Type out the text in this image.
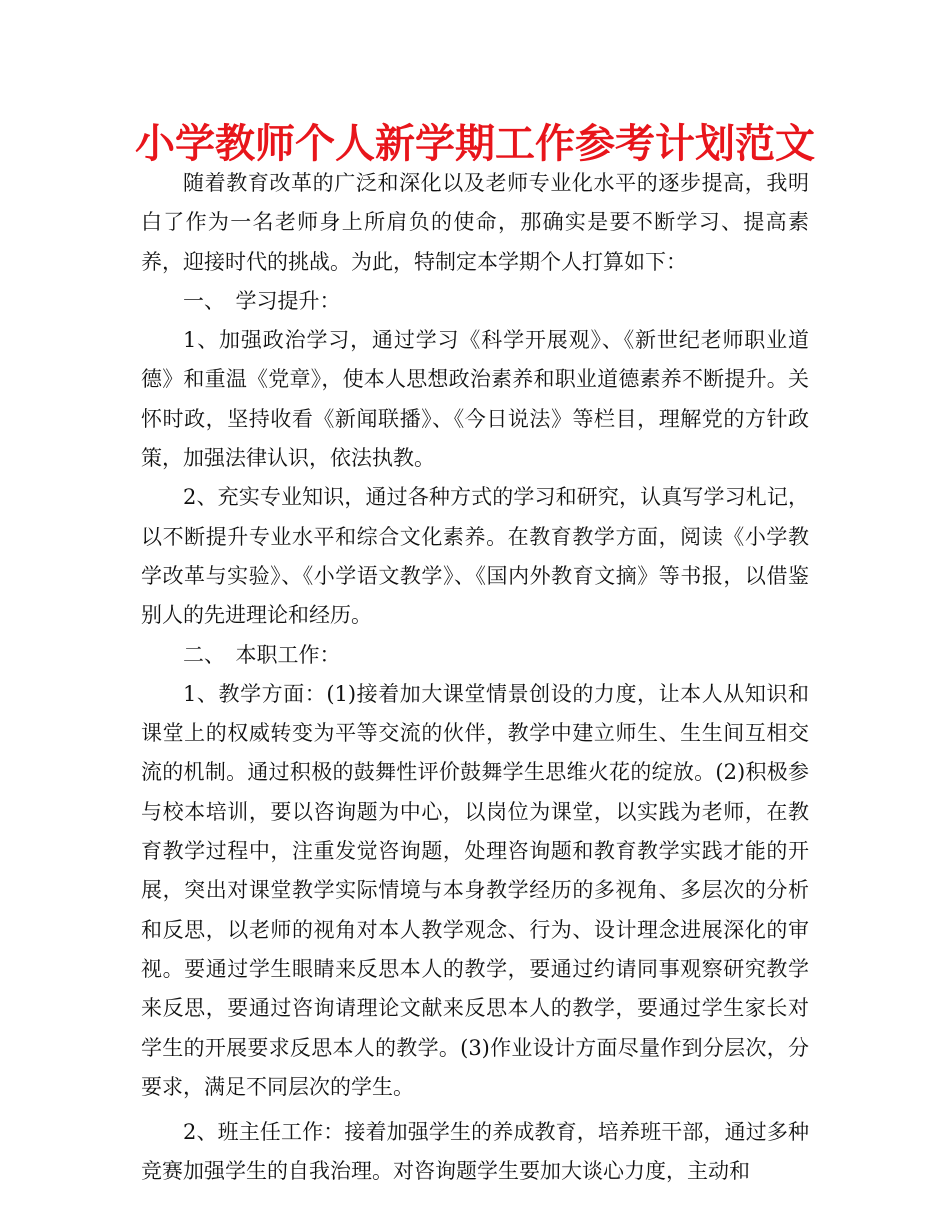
小学教师个人新学期工作参考计划范文

随着教育改革的广泛和深化以及老师专业化水平的逐步提高，我明白了作为一名老师身上所肩负的使命，那确实是要不断学习、提高素养，迎接时代的挑战。为此，特制定本学期个人打算如下：

一、　学习提升：

1、加强政治学习，通过学习《科学开展观》、《新世纪老师职业道德》和重温《党章》，使本人思想政治素养和职业道德素养不断提升。关怀时政，坚持收看《新闻联播》、《今日说法》等栏目，理解党的方针政策，加强法律认识，依法执教。

2、充实专业知识，通过各种方式的学习和研究，认真写学习札记，以不断提升专业水平和综合文化素养。在教育教学方面，阅读《小学教学改革与实验》、《小学语文教学》、《国内外教育文摘》等书报，以借鉴别人的先进理论和经历。

二、　本职工作：

1、教学方面：(1)接着加大课堂情景创设的力度，让本人从知识和课堂上的权威转变为平等交流的伙伴，教学中建立师生、生生间互相交流的机制。通过积极的鼓舞性评价鼓舞学生思维火花的绽放。(2)积极参与校本培训，要以咨询题为中心，以岗位为课堂，以实践为老师，在教育教学过程中，注重发觉咨询题，处理咨询题和教育教学实践才能的开展，突出对课堂教学实际情境与本身教学经历的多视角、多层次的分析和反思，以老师的视角对本人教学观念、行为、设计理念进展深化的审视。要通过学生眼睛来反思本人的教学，要通过约请同事观察研究教学来反思，要通过咨询请理论文献来反思本人的教学，要通过学生家长对学生的开展要求反思本人的教学。(3)作业设计方面尽量作到分层次，分要求，满足不同层次的学生。

2、班主任工作：接着加强学生的养成教育，培养班干部，通过多种竞赛加强学生的自我治理。对咨询题学生要加大谈心力度，主动和
